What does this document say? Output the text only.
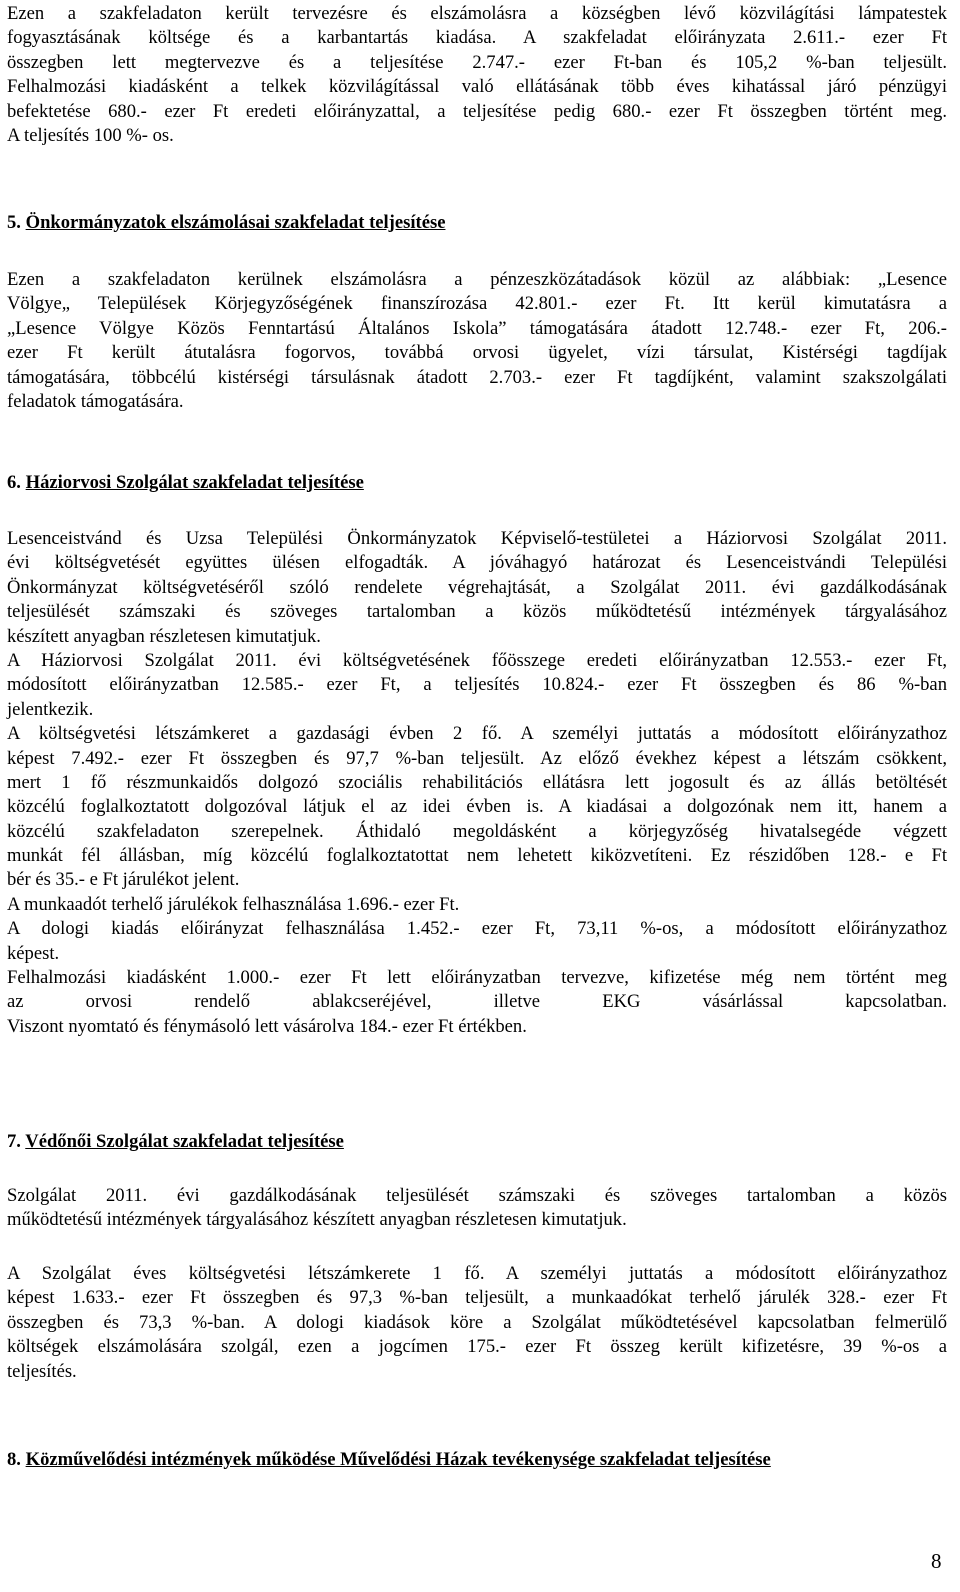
Ezen a szakfeladaton került tervezésre és elszámolásra a községben lévő közvilágítási lámpatestek
fogyasztásának költsége és a karbantartás kiadása. A szakfeladat előirányzata 2.611.- ezer Ft
összegben lett megtervezve és a teljesítése 2.747.- ezer Ft-ban és 105,2 %-ban teljesült.
Felhalmozási kiadásként a telkek közvilágítással való ellátásának több éves kihatással járó pénzügyi
befektetése 680.- ezer Ft eredeti előirányzattal, a teljesítése pedig 680.- ezer Ft összegben történt meg.
A teljesítés 100 %- os.
5. Önkormányzatok elszámolásai szakfeladat teljesítése
Ezen a szakfeladaton kerülnek elszámolásra a pénzeszközátadások közül az alábbiak: „Lesence
Völgye„ Települések Körjegyzőségének finanszírozása 42.801.- ezer Ft. Itt kerül kimutatásra a
„Lesence Völgye Közös Fenntartású Általános Iskola” támogatására átadott 12.748.- ezer Ft, 206.-
ezer Ft került átutalásra fogorvos, továbbá orvosi ügyelet, vízi társulat, Kistérségi tagdíjak
támogatására, többcélú kistérségi társulásnak átadott 2.703.- ezer Ft tagdíjként, valamint szakszolgálati
feladatok támogatására.
6. Háziorvosi Szolgálat szakfeladat teljesítése
Lesenceistvánd és Uzsa Települési Önkormányzatok Képviselő-testületei a Háziorvosi Szolgálat 2011.
évi költségvetését együttes ülésen elfogadták. A jóváhagyó határozat és Lesenceistvándi Települési
Önkormányzat költségvetéséről szóló rendelete végrehajtását, a Szolgálat 2011. évi gazdálkodásának
teljesülését számszaki és szöveges tartalomban a közös működtetésű intézmények tárgyalásához
készített anyagban részletesen kimutatjuk.
A Háziorvosi Szolgálat 2011. évi költségvetésének főösszege eredeti előirányzatban 12.553.- ezer Ft,
módosított előirányzatban 12.585.- ezer Ft, a teljesítés 10.824.- ezer Ft összegben és 86 %-ban
jelentkezik.
A költségvetési létszámkeret a gazdasági évben 2 fő. A személyi juttatás a módosított előirányzathoz
képest 7.492.- ezer Ft összegben és 97,7 %-ban teljesült. Az előző évekhez képest a létszám csökkent,
mert 1 fő részmunkaidős dolgozó szociális rehabilitációs ellátásra lett jogosult és az állás betöltését
közcélú foglalkoztatott dolgozóval látjuk el az idei évben is. A kiadásai a dolgozónak nem itt, hanem a
közcélú szakfeladaton szerepelnek. Áthidaló megoldásként a körjegyzőség hivatalsegéde végzett
munkát fél állásban, míg közcélú foglalkoztatottat nem lehetett kiközvetíteni. Ez részidőben 128.- e Ft
bér és 35.- e Ft járulékot jelent.
A munkaadót terhelő járulékok felhasználása 1.696.- ezer Ft.
A dologi kiadás előirányzat felhasználása 1.452.- ezer Ft, 73,11 %-os, a módosított előirányzathoz
képest.
Felhalmozási kiadásként 1.000.- ezer Ft lett előirányzatban tervezve, kifizetése még nem történt meg
az orvosi rendelő ablakcseréjével, illetve EKG vásárlással kapcsolatban.
Viszont nyomtató és fénymásoló lett vásárolva 184.- ezer Ft értékben.
7. Védőnői Szolgálat szakfeladat teljesítése
Szolgálat 2011. évi gazdálkodásának teljesülését számszaki és szöveges tartalomban a közös
működtetésű intézmények tárgyalásához készített anyagban részletesen kimutatjuk.
A Szolgálat éves költségvetési létszámkerete 1 fő. A személyi juttatás a módosított előirányzathoz
képest 1.633.- ezer Ft összegben és 97,3 %-ban teljesült, a munkaadókat terhelő járulék 328.- ezer Ft
összegben és 73,3 %-ban. A dologi kiadások köre a Szolgálat működtetésével kapcsolatban felmerülő
költségek elszámolására szolgál, ezen a jogcímen 175.- ezer Ft összeg került kifizetésre, 39 %-os a
teljesítés.
8. Közművelődési intézmények működése Művelődési Házak tevékenysége szakfeladat teljesítése
8
